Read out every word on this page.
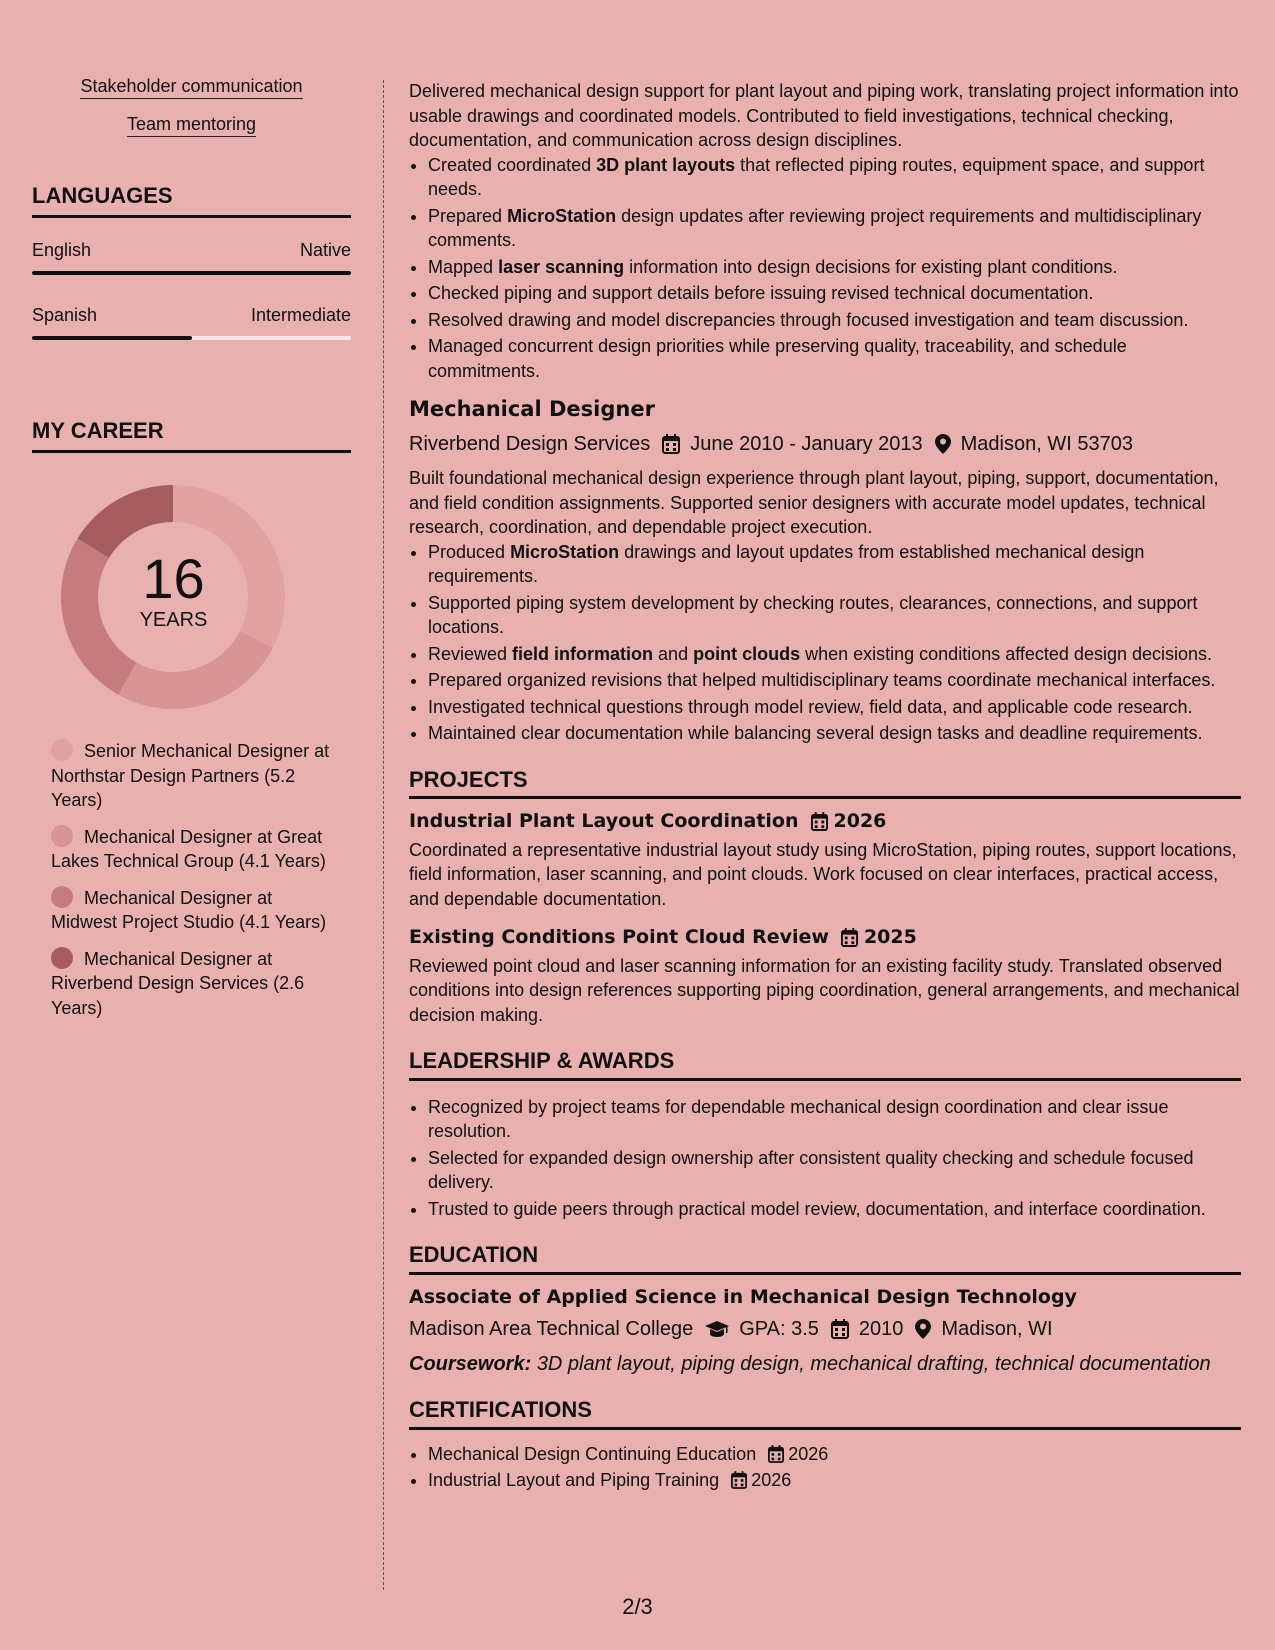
Stakeholder communication
Team mentoring
LANGUAGES
English	Native
Spanish	Intermediate
MY CAREER
16
YEARS
Senior Mechanical Designer at Northstar Design Partners (5.2 Years)
Mechanical Designer at Great Lakes Technical Group (4.1 Years)
Mechanical Designer at Midwest Project Studio (4.1 Years)
Mechanical Designer at Riverbend Design Services (2.6 Years)

Delivered mechanical design support for plant layout and piping work, translating project information into usable drawings and coordinated models. Contributed to field investigations, technical checking, documentation, and communication across design disciplines.

• Created coordinated 3D plant layouts that reflected piping routes, equipment space, and support needs.
• Prepared MicroStation design updates after reviewing project requirements and multidisciplinary comments.
• Mapped laser scanning information into design decisions for existing plant conditions.
• Checked piping and support details before issuing revised technical documentation.
• Resolved drawing and model discrepancies through focused investigation and team discussion.
• Managed concurrent design priorities while preserving quality, traceability, and schedule commitments.
Mechanical Designer
Riverbend Design Services June 2010 - January 2013 Madison, WI 53703

Built foundational mechanical design experience through plant layout, piping, support, documentation, and field condition assignments. Supported senior designers with accurate model updates, technical research, coordination, and dependable project execution.

• Produced MicroStation drawings and layout updates from established mechanical design requirements.
• Supported piping system development by checking routes, clearances, connections, and support locations.
• Reviewed field information and point clouds when existing conditions affected design decisions.
• Prepared organized revisions that helped multidisciplinary teams coordinate mechanical interfaces.
• Investigated technical questions through model review, field data, and applicable code research.
• Maintained clear documentation while balancing several design tasks and deadline requirements.
PROJECTS
Industrial Plant Layout Coordination 2026

Coordinated a representative industrial layout study using MicroStation, piping routes, support locations, field information, laser scanning, and point clouds. Work focused on clear interfaces, practical access, and dependable documentation.

Existing Conditions Point Cloud Review 2025

Reviewed point cloud and laser scanning information for an existing facility study. Translated observed conditions into design references supporting piping coordination, general arrangements, and mechanical decision making.

LEADERSHIP & AWARDS
• Recognized by project teams for dependable mechanical design coordination and clear issue resolution.
• Selected for expanded design ownership after consistent quality checking and schedule focused delivery.
• Trusted to guide peers through practical model review, documentation, and interface coordination.
EDUCATION
Associate of Applied Science in Mechanical Design Technology
Madison Area Technical College GPA: 3.5 2010 Madison, WI
Coursework: 3D plant layout, piping design, mechanical drafting, technical documentation
CERTIFICATIONS
• Mechanical Design Continuing Education 2026
• Industrial Layout and Piping Training 2026
2/3
